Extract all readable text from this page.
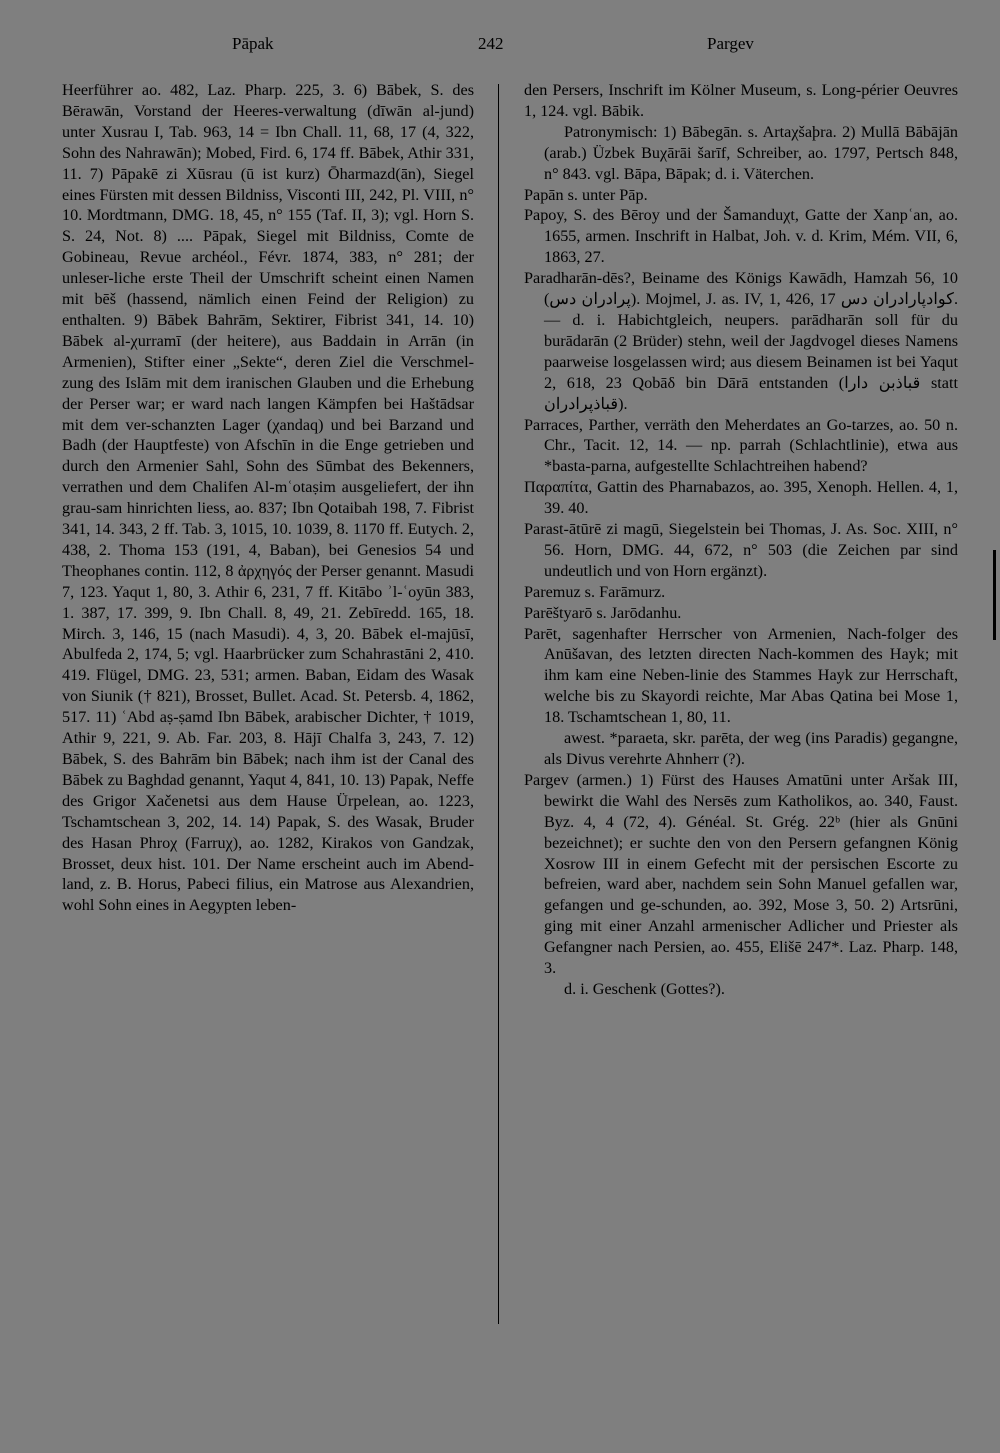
Pāpak	242	Pargev

Heerführer ao. 482, Laz. Pharp. 225, 3. 6) Bābek, S. des Bērawān, Vorstand der Heeres-verwaltung (dīwān al-jund) unter Xusrau I, Tab. 963, 14 = Ibn Chall. 11, 68, 17 (4, 322, Sohn des Nahrawān); Mobed, Fird. 6, 174 ff. Bābek, Athir 331, 11. 7) Pāpakē zi Xūsrau (ū ist kurz) Ōharmazd(ān), Siegel eines Fürsten mit dessen Bildniss, Visconti III, 242, Pl. VIII, n° 10. Mordtmann, DMG. 18, 45, n° 155 (Taf. II, 3); vgl. Horn S. S. 24, Not. 8) .... Pāpak, Siegel mit Bildniss, Comte de Gobineau, Revue archéol., Févr. 1874, 383, n° 281; der unleser-liche erste Theil der Umschrift scheint einen Namen mit bēš (hassend, nämlich einen Feind der Religion) zu enthalten. 9) Bābek Bahrām, Sektirer, Fibrist 341, 14. 10) Bābek al-χurramī (der heitere), aus Baddain in Arrān (in Armenien), Stifter einer „Sekte“, deren Ziel die Verschmel-zung des Islām mit dem iranischen Glauben und die Erhebung der Perser war; er ward nach langen Kämpfen bei Haštādsar mit dem ver-schanzten Lager (χandaq) und bei Barzand und Badh (der Hauptfeste) von Afschīn in die Enge getrieben und durch den Armenier Sahl, Sohn des Sūmbat des Bekenners, verrathen und dem Chalifen Al-mʿotaṣim ausgeliefert, der ihn grau-sam hinrichten liess, ao. 837; Ibn Qotaibah 198, 7. Fibrist 341, 14. 343, 2 ff. Tab. 3, 1015, 10. 1039, 8. 1170 ff. Eutych. 2, 438, 2. Thoma 153 (191, 4, Baban), bei Genesios 54 und Theophanes contin. 112, 8 ἀρχηγός der Perser genannt. Masudi 7, 123. Yaqut 1, 80, 3. Athir 6, 231, 7 ff. Kitābo ʾl-ʿoyūn 383, 1. 387, 17. 399, 9. Ibn Chall. 8, 49, 21. Zebīredd. 165, 18. Mirch. 3, 146, 15 (nach Masudi). 4, 3, 20. Bābek el-majūsī, Abulfeda 2, 174, 5; vgl. Haarbrücker zum Schahrastāni 2, 410. 419. Flügel, DMG. 23, 531; armen. Baban, Eidam des Wasak von Siunik († 821), Brosset, Bullet. Acad. St. Petersb. 4, 1862, 517. 11) ʿAbd aṣ-ṣamd Ibn Bābek, arabischer Dichter, † 1019, Athir 9, 221, 9. Ab. Far. 203, 8. Hājī Chalfa 3, 243, 7. 12) Bābek, S. des Bahrām bin Bābek; nach ihm ist der Canal des Bābek zu Baghdad genannt, Yaqut 4, 841, 10. 13) Papak, Neffe des Grigor Xačenetsi aus dem Hause Ürpelean, ao. 1223, Tschamtschean 3, 202, 14. 14) Papak, S. des Wasak, Bruder des Hasan Phroχ (Farruχ), ao. 1282, Kirakos von Gandzak, Brosset, deux hist. 101. Der Name erscheint auch im Abend-land, z. B. Horus, Pabeci filius, ein Matrose aus Alexandrien, wohl Sohn eines in Aegypten leben-

den Persers, Inschrift im Kölner Museum, s. Long-périer Oeuvres 1, 124. vgl. Bābik.

Patronymisch: 1) Bābegān. s. Artaχšaþra. 2) Mullā Bābājān (arab.) Üzbek Buχārāi šarīf, Schreiber, ao. 1797, Pertsch 848, n° 843. vgl. Bāpa, Bāpak; d. i. Väterchen.

Papān s. unter Pāp.

Papoy, S. des Bēroy und der Šamanduχt, Gatte der Xanpʿan, ao. 1655, armen. Inschrift in Halbat, Joh. v. d. Krim, Mém. VII, 6, 1863, 27.

Paradharān-dēs?, Beiname des Königs Kawādh, Hamzah 56, 10 (پرادران دس). Mojmel, J. as. IV, 1, 426, 17 کوادپارادران دس. — d. i. Habichtgleich, neupers. parādharān soll für du burādarān (2 Brüder) stehn, weil der Jagdvogel dieses Namens paarweise losgelassen wird; aus diesem Beinamen ist bei Yaqut 2, 618, 23 Qobāδ bin Dārā entstanden (قباذبن دارا statt قباذپرادران).

Parraces, Parther, verräth den Meherdates an Go-tarzes, ao. 50 n. Chr., Tacit. 12, 14. — np. parrah (Schlachtlinie), etwa aus *basta-parna, aufgestellte Schlachtreihen habend?

Παραπίτα, Gattin des Pharnabazos, ao. 395, Xenoph. Hellen. 4, 1, 39. 40.

Parast-ātūrē zi magū, Siegelstein bei Thomas, J. As. Soc. XIII, n° 56. Horn, DMG. 44, 672, n° 503 (die Zeichen par sind undeutlich und von Horn ergänzt).

Paremuz s. Farāmurz.

Parēštyarō s. Jarōdanhu.

Parēt, sagenhafter Herrscher von Armenien, Nach-folger des Anūšavan, des letzten directen Nach-kommen des Hayk; mit ihm kam eine Neben-linie des Stammes Hayk zur Herrschaft, welche bis zu Skayordi reichte, Mar Abas Qatina bei Mose 1, 18. Tschamtschean 1, 80, 11.

awest. *paraeta, skr. parēta, der weg (ins Paradis) gegangne, als Divus verehrte Ahnherr (?).

Pargev (armen.) 1) Fürst des Hauses Amatūni unter Aršak III, bewirkt die Wahl des Nersēs zum Katholikos, ao. 340, Faust. Byz. 4, 4 (72, 4). Généal. St. Grég. 22ᵇ (hier als Gnūni bezeichnet); er suchte den von den Persern gefangnen König Xosrow III in einem Gefecht mit der persischen Escorte zu befreien, ward aber, nachdem sein Sohn Manuel gefallen war, gefangen und ge-schunden, ao. 392, Mose 3, 50. 2) Artsrūni, ging mit einer Anzahl armenischer Adlicher und Priester als Gefangner nach Persien, ao. 455, Elišē 247*. Laz. Pharp. 148, 3.

d. i. Geschenk (Gottes?).
